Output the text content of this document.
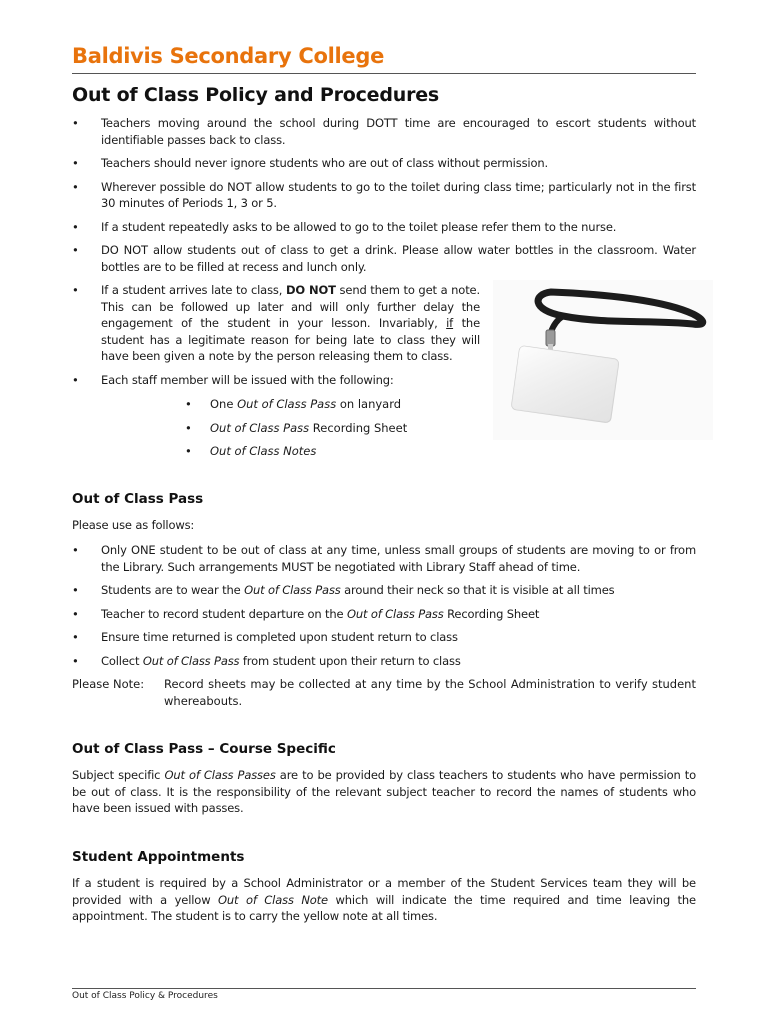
Baldivis Secondary College
Out of Class Policy and Procedures
• Teachers moving around the school during DOTT time are encouraged to escort students without identifiable passes back to class.
• Teachers should never ignore students who are out of class without permission.
• Wherever possible do NOT allow students to go to the toilet during class time; particularly not in the first 30 minutes of Periods 1, 3 or 5.
• If a student repeatedly asks to be allowed to go to the toilet please refer them to the nurse.
• DO NOT allow students out of class to get a drink. Please allow water bottles in the classroom. Water bottles are to be filled at recess and lunch only.
• If a student arrives late to class, DO NOT send them to get a note. This can be followed up later and will only further delay the engagement of the student in your lesson. Invariably, if the student has a legitimate reason for being late to class they will have been given a note by the person releasing them to class.
• Each staff member will be issued with the following:
• One Out of Class Pass on lanyard
• Out of Class Pass Recording Sheet
• Out of Class Notes
Out of Class Pass

Please use as follows:

• Only ONE student to be out of class at any time, unless small groups of students are moving to or from the Library. Such arrangements MUST be negotiated with Library Staff ahead of time.
• Students are to wear the Out of Class Pass around their neck so that it is visible at all times
• Teacher to record student departure on the Out of Class Pass Recording Sheet
• Ensure time returned is completed upon student return to class
• Collect Out of Class Pass from student upon their return to class
Please Note: Record sheets may be collected at any time by the School Administration to verify student whereabouts.
Out of Class Pass – Course Specific

Subject specific Out of Class Passes are to be provided by class teachers to students who have permission to be out of class. It is the responsibility of the relevant subject teacher to record the names of students who have been issued with passes.

Student Appointments

If a student is required by a School Administrator or a member of the Student Services team they will be provided with a yellow Out of Class Note which will indicate the time required and time leaving the appointment. The student is to carry the yellow note at all times.

Out of Class Policy & Procedures
